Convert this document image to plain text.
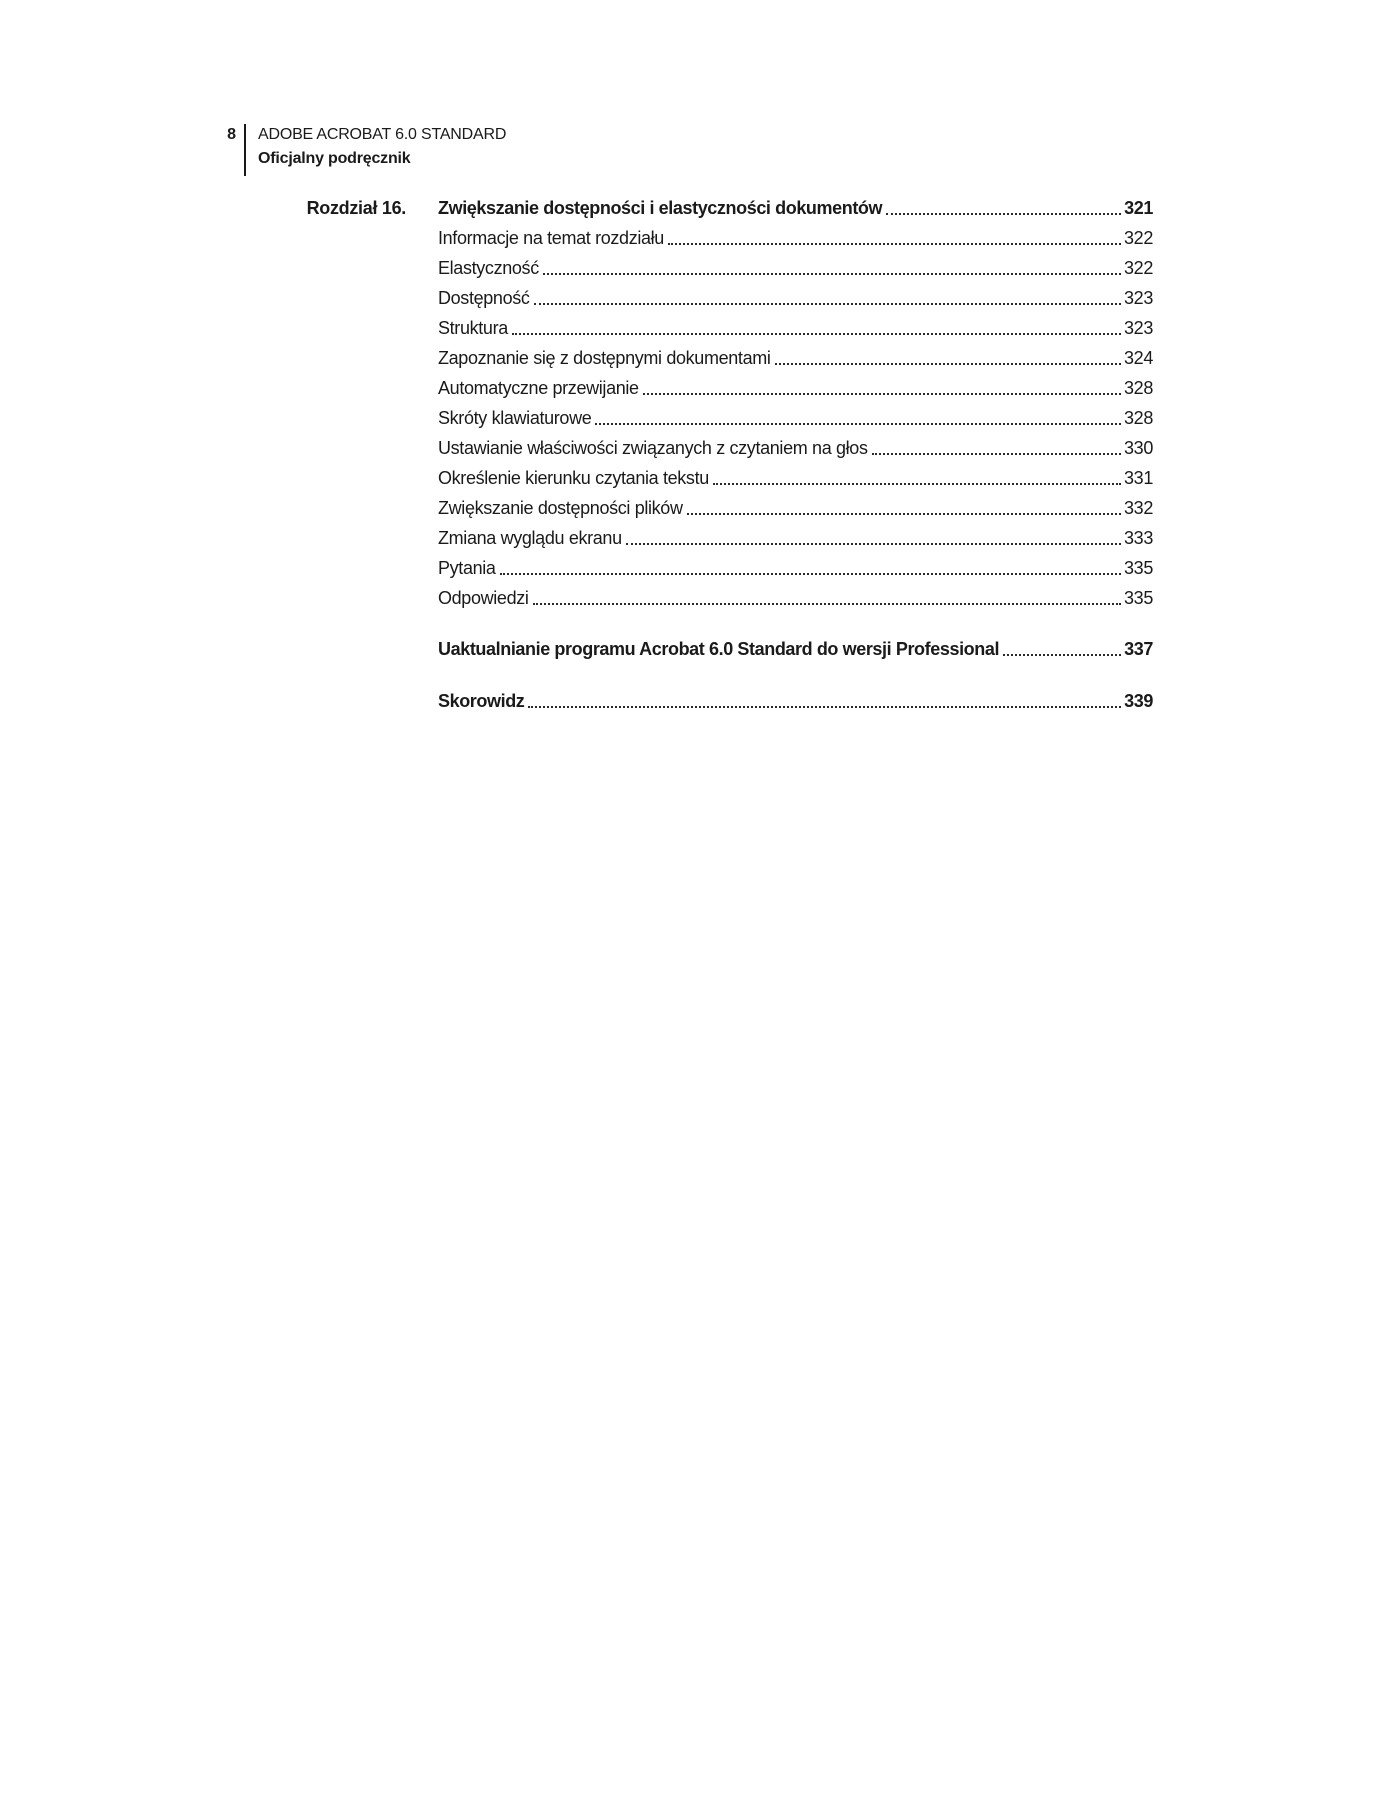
8 ADOBE ACROBAT 6.0 STANDARD
Oficjalny podręcznik
Rozdział 16. Zwiększanie dostępności i elastyczności dokumentów	321
Informacje na temat rozdziału	322
Elastyczność	322
Dostępność	323
Struktura	323
Zapoznanie się z dostępnymi dokumentami	324
Automatyczne przewijanie	328
Skróty klawiaturowe	328
Ustawianie właściwości związanych z czytaniem na głos	330
Określenie kierunku czytania tekstu	331
Zwiększanie dostępności plików	332
Zmiana wyglądu ekranu	333
Pytania	335
Odpowiedzi	335
Uaktualnianie programu Acrobat 6.0 Standard do wersji Professional	337
Skorowidz	339
